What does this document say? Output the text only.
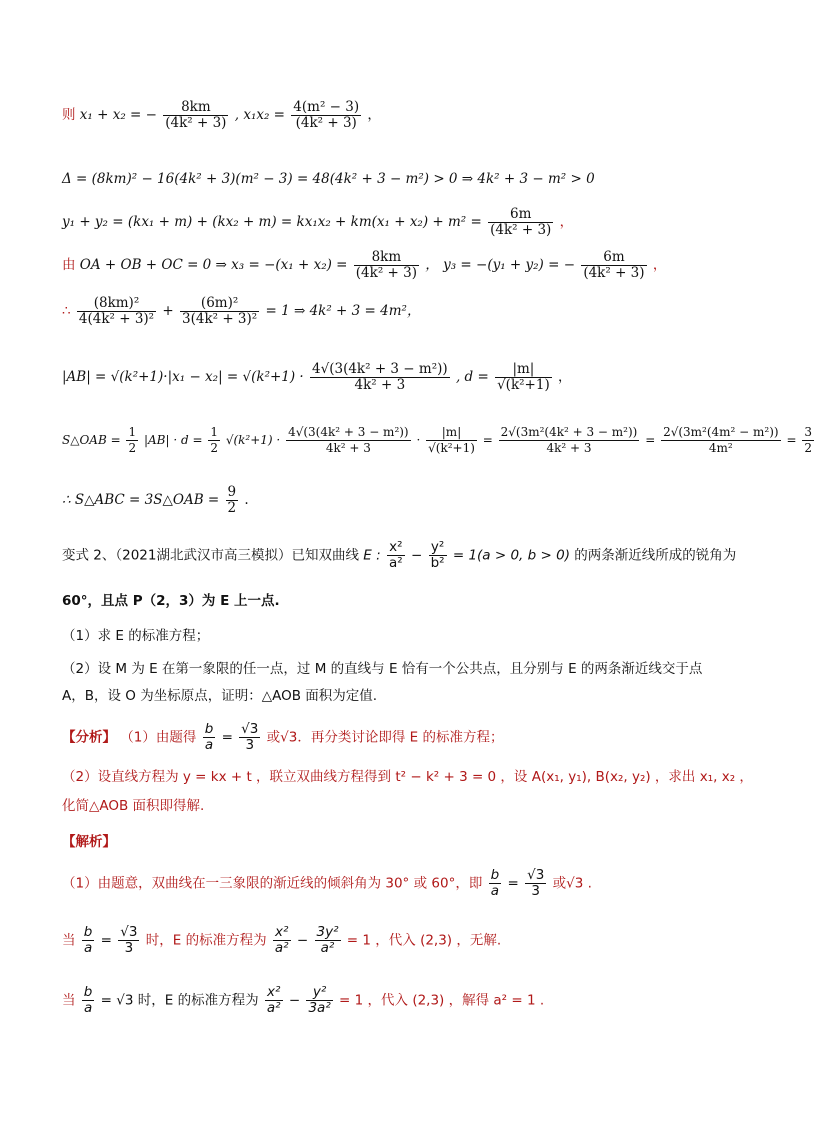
则 x₁ + x₂ = − $\frac{8km}{\text{(4k² + 3)}}$ , $x_1x_2 = \frac{\text{4(m² − 3)}}{\text{(4k² + 3)}}$ ，
Δ = (8km)² − 16(4k² + 3)(m² − 3) = 48(4k² + 3 − m²) > 0 ⇒ 4k² + 3 − m² > 0
$y_1 + y_2 = (kx_1 + m) + (kx_2 + m) = kx_1x_2 + km(x_1 + x_2) + m^2 = \frac{6m}{\text{(4k² + 3)}}$ ，
由 OA + OB + OC = 0 ⇒ $x_3 = -(x_1 + x_2) = \frac{8km}{\text{(4k² + 3)}}$ ， y₃ = −(y₁ + y₂) = − $\frac{6m}{\text{(4k² + 3)}}$ ，
∴ $\frac{\text{(8km)²}}{\text{4(4k² + 3)²}} + \frac{\text{(6m)²}}{\text{3(4k² + 3)²}} = 1$ ⇒ 4k² + 3 = 4m²，
$|AB| = √(k^2+1)\cdot|x_1 - x_2| = √(k^2+1) \cdot \frac{\text{4√(3(4k² + 3 − m²))}}{\text{4k² + 3}}$ , $d = \frac{|m|}{\text{√(k²+1)}}$ ，
S△OAB = $\frac{1}{2} |AB| \cdot d = \frac{1}{2} √(k^2+1) \cdot \frac{\text{4√(3(4k² + 3 − m²))}}{\text{4k² + 3}} \cdot \frac{|m|}{\text{√(k²+1)}} = \frac{\text{2√(3m²(4k² + 3 − m²))}}{\text{4k² + 3}} = \frac{\text{2√(3m²(4m² − m²))}}{\text{4m²}} = \frac{3}{2}$
∴ S△ABC = 3S△OAB = $\frac{9}{2}$ .
变式 2、（2021湖北武汉市高三模拟）已知双曲线 E : $\frac{\text{x²}}{\text{a²}} - \frac{\text{y²}}{\text{b²}} = 1(a > 0$, b > 0) 的两条渐近线所成的锐角为
60°，且点 P（2，3）为 E 上一点.
（1）求 E 的标准方程；
（2）设 M 为 E 在第一象限的任一点，过 M 的直线与 E 恰有一个公共点，且分别与 E 的两条渐近线交于点
A，B，设 O 为坐标原点，证明：△AOB 面积为定值.
【分析】 （1）由题得 $\frac{b}{a} = \frac{√3}{3}$ 或√3．再分类讨论即得 E 的标准方程；
（2）设直线方程为 y = kx + t ，联立双曲线方程得到 t² − k² + 3 = 0 ，设 A(x₁, y₁), B(x₂, y₂) ，求出 x₁, x₂ ，
化简△AOB 面积即得解.
【解析】
（1）由题意，双曲线在一三象限的渐近线的倾斜角为 30° 或 60°，即 $\frac{b}{a} = \frac{√3}{3}$ 或√3 .
当 $\frac{b}{a} = \frac{√3}{3}$ 时，E 的标准方程为 $\frac{\text{x²}}{\text{a²}} - \frac{\text{3y²}}{\text{a²}} = 1$ ，代入 (2,3) ，无解.
当 $\frac{b}{a} = √3$ 时，E 的标准方程为 $\frac{\text{x²}}{\text{a²}} - \frac{\text{y²}}{\text{3a²}} = 1$ ，代入 (2,3) ，解得 a² = 1 .
